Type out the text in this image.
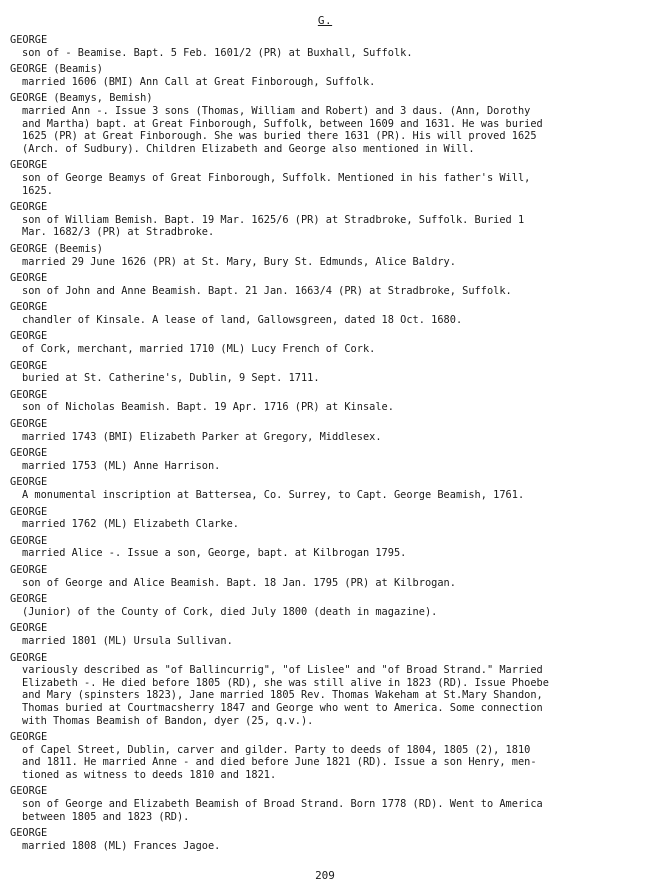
G.
GEORGE
son of - Beamise. Bapt. 5 Feb. 1601/2 (PR) at Buxhall, Suffolk.
GEORGE (Beamis)
married 1606 (BMI) Ann Call at Great Finborough, Suffolk.
GEORGE (Beamys, Bemish)
married Ann -. Issue 3 sons (Thomas, William and Robert) and 3 daus. (Ann, Dorothy
and Martha) bapt. at Great Finborough, Suffolk, between 1609 and 1631. He was buried
1625 (PR) at Great Finborough. She was buried there 1631 (PR). His will proved 1625
(Arch. of Sudbury). Children Elizabeth and George also mentioned in Will.
GEORGE
son of George Beamys of Great Finborough, Suffolk. Mentioned in his father's Will,
1625.
GEORGE
son of William Bemish. Bapt. 19 Mar. 1625/6 (PR) at Stradbroke, Suffolk. Buried 1
Mar. 1682/3 (PR) at Stradbroke.
GEORGE (Beemis)
married 29 June 1626 (PR) at St. Mary, Bury St. Edmunds, Alice Baldry.
GEORGE
son of John and Anne Beamish. Bapt. 21 Jan. 1663/4 (PR) at Stradbroke, Suffolk.
GEORGE
chandler of Kinsale. A lease of land, Gallowsgreen, dated 18 Oct. 1680.
GEORGE
of Cork, merchant, married 1710 (ML) Lucy French of Cork.
GEORGE
buried at St. Catherine's, Dublin, 9 Sept. 1711.
GEORGE
son of Nicholas Beamish. Bapt. 19 Apr. 1716 (PR) at Kinsale.
GEORGE
married 1743 (BMI) Elizabeth Parker at Gregory, Middlesex.
GEORGE
married 1753 (ML) Anne Harrison.
GEORGE
A monumental inscription at Battersea, Co. Surrey, to Capt. George Beamish, 1761.
GEORGE
married 1762 (ML) Elizabeth Clarke.
GEORGE
married Alice -. Issue a son, George, bapt. at Kilbrogan 1795.
GEORGE
son of George and Alice Beamish. Bapt. 18 Jan. 1795 (PR) at Kilbrogan.
GEORGE
(Junior) of the County of Cork, died July 1800 (death in magazine).
GEORGE
married 1801 (ML) Ursula Sullivan.
GEORGE
variously described as "of Ballincurrig", "of Lislee" and "of Broad Strand." Married
Elizabeth -. He died before 1805 (RD), she was still alive in 1823 (RD). Issue Phoebe
and Mary (spinsters 1823), Jane married 1805 Rev. Thomas Wakeham at St.Mary Shandon,
Thomas buried at Courtmacsherry 1847 and George who went to America. Some connection
with Thomas Beamish of Bandon, dyer (25, q.v.).
GEORGE
of Capel Street, Dublin, carver and gilder. Party to deeds of 1804, 1805 (2), 1810
and 1811. He married Anne - and died before June 1821 (RD). Issue a son Henry, men-
tioned as witness to deeds 1810 and 1821.
GEORGE
son of George and Elizabeth Beamish of Broad Strand. Born 1778 (RD). Went to America
between 1805 and 1823 (RD).
GEORGE
married 1808 (ML) Frances Jagoe.
209
